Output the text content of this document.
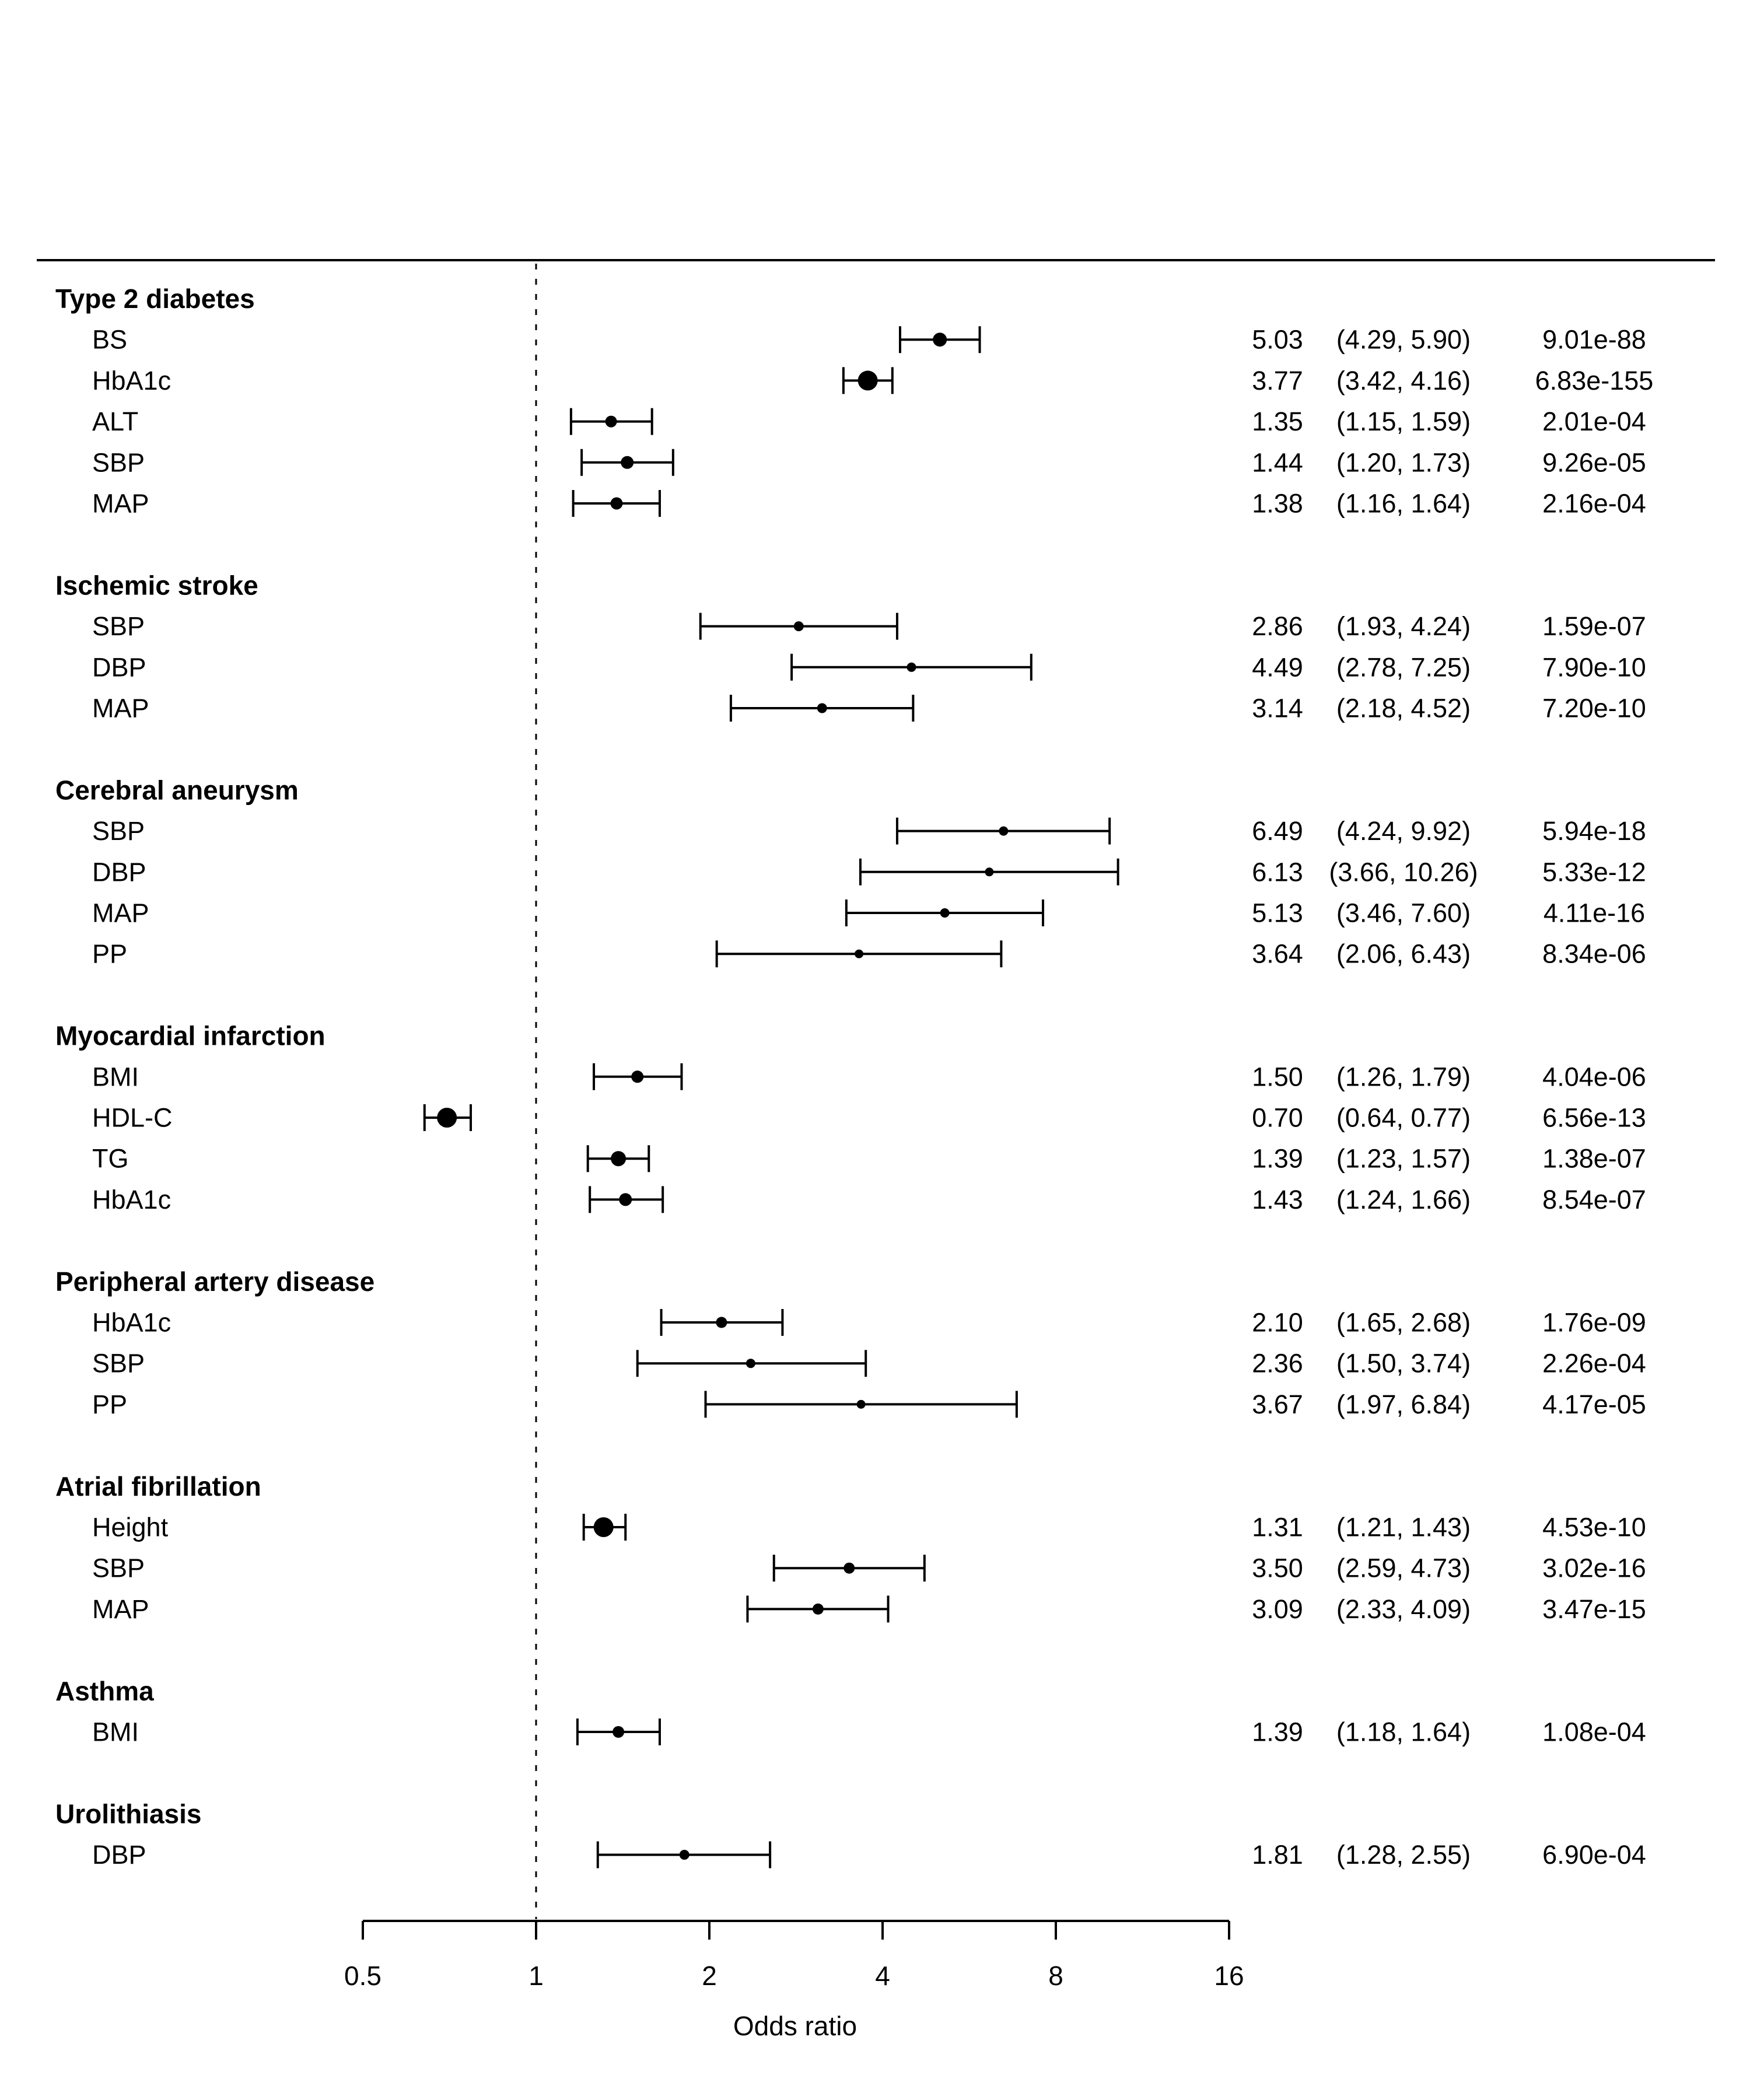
0.5	1	2	4	8	16
Type 2 diabetes
BS	5.03 (4.29, 5.90)	9.01e-88
HbA1c	3.77 (3.42, 4.16) 6.83e-155
ALT	1.35 (1.15, 1.59)	2.01e-04
SBP	1.44 (1.20, 1.73)	9.26e-05
MAP	1.38 (1.16, 1.64)	2.16e-04
Ischemic stroke
SBP	2.86 (1.93, 4.24)	1.59e-07
DBP	4.49 (2.78, 7.25)	7.90e-10
MAP	3.14 (2.18, 4.52)	7.20e-10
Cerebral aneurysm
SBP	6.49 (4.24, 9.92)	5.94e-18
DBP	6.13 (3.66, 10.26) 5.33e-12
MAP	5.13 (3.46, 7.60)	4.11e-16
PP	3.64 (2.06, 6.43)	8.34e-06
Myocardial infarction
BMI	1.50 (1.26, 1.79)	4.04e-06
HDL-C	0.70 (0.64, 0.77)	6.56e-13
TG	1.39 (1.23, 1.57)	1.38e-07
HbA1c	1.43 (1.24, 1.66)	8.54e-07
Peripheral artery disease
HbA1c	2.10 (1.65, 2.68)	1.76e-09
SBP	2.36 (1.50, 3.74)	2.26e-04
PP	3.67 (1.97, 6.84)	4.17e-05
Atrial fibrillation
Height	1.31 (1.21, 1.43)	4.53e-10
SBP	3.50 (2.59, 4.73)	3.02e-16
MAP	3.09 (2.33, 4.09)	3.47e-15
Asthma
BMI	1.39 (1.18, 1.64)	1.08e-04
Urolithiasis
DBP	1.81 (1.28, 2.55)	6.90e-04
Odds ratio
